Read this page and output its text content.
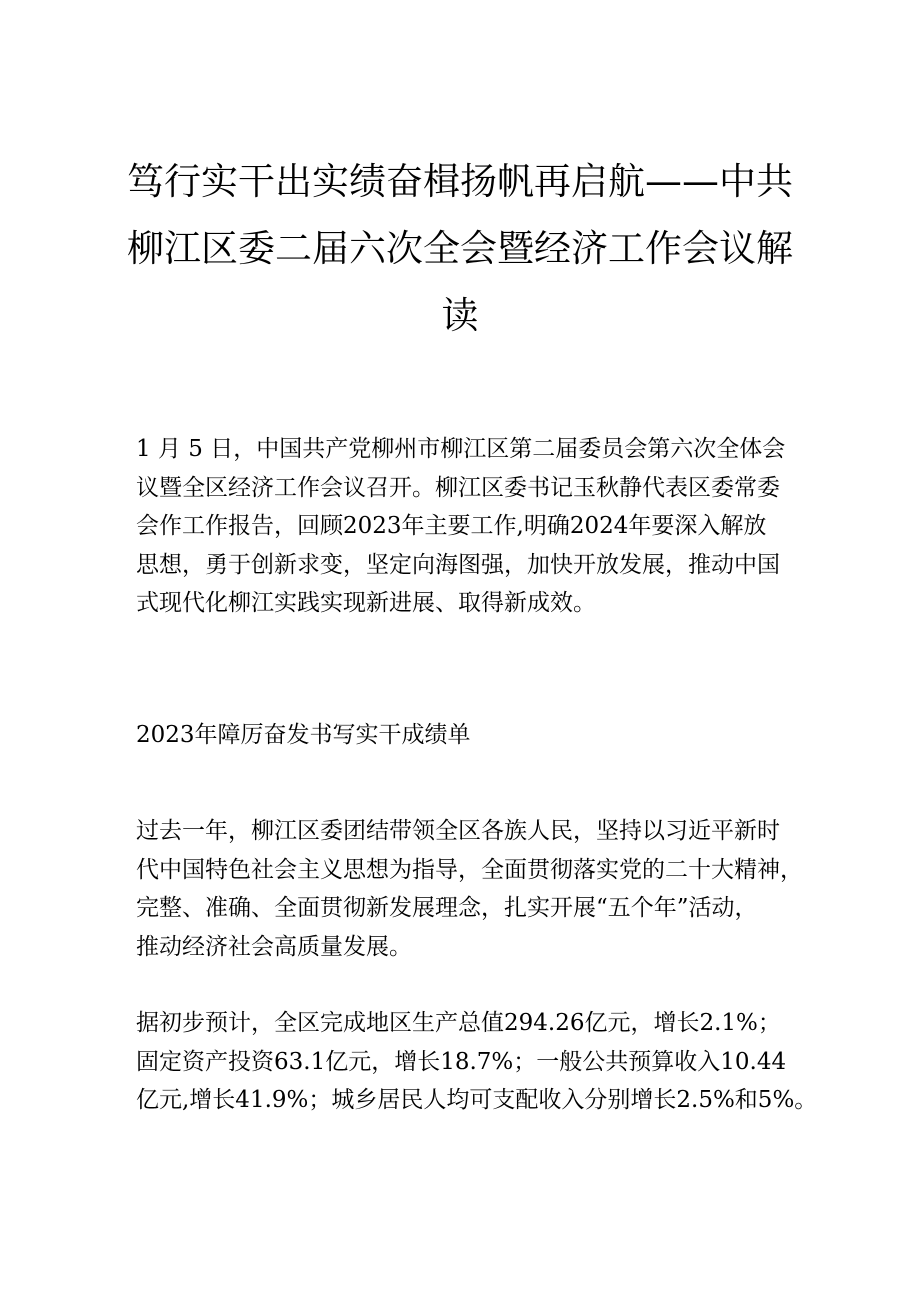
笃行实干出实绩奋楫扬帆再启航——中共
柳江区委二届六次全会暨经济工作会议解
读
1 月 5 日，中国共产党柳州市柳江区第二届委员会第六次全体会
议暨全区经济工作会议召开。柳江区委书记玉秋静代表区委常委
会作工作报告，回顾2023年主要工作,明确2024年要深入解放
思想，勇于创新求变，坚定向海图强，加快开放发展，推动中国
式现代化柳江实践实现新进展、取得新成效。
2023年障厉奋发书写实干成绩单
过去一年，柳江区委团结带领全区各族人民，坚持以习近平新时
代中国特色社会主义思想为指导，全面贯彻落实党的二十大精神，
完整、准确、全面贯彻新发展理念，扎实开展“五个年”活动，
推动经济社会高质量发展。
据初步预计，全区完成地区生产总值294.26亿元，增长2.1%；
固定资产投资63.1亿元，增长18.7%；一般公共预算收入10.44
亿元,增长41.9%；城乡居民人均可支配收入分别增长2.5%和5%。
